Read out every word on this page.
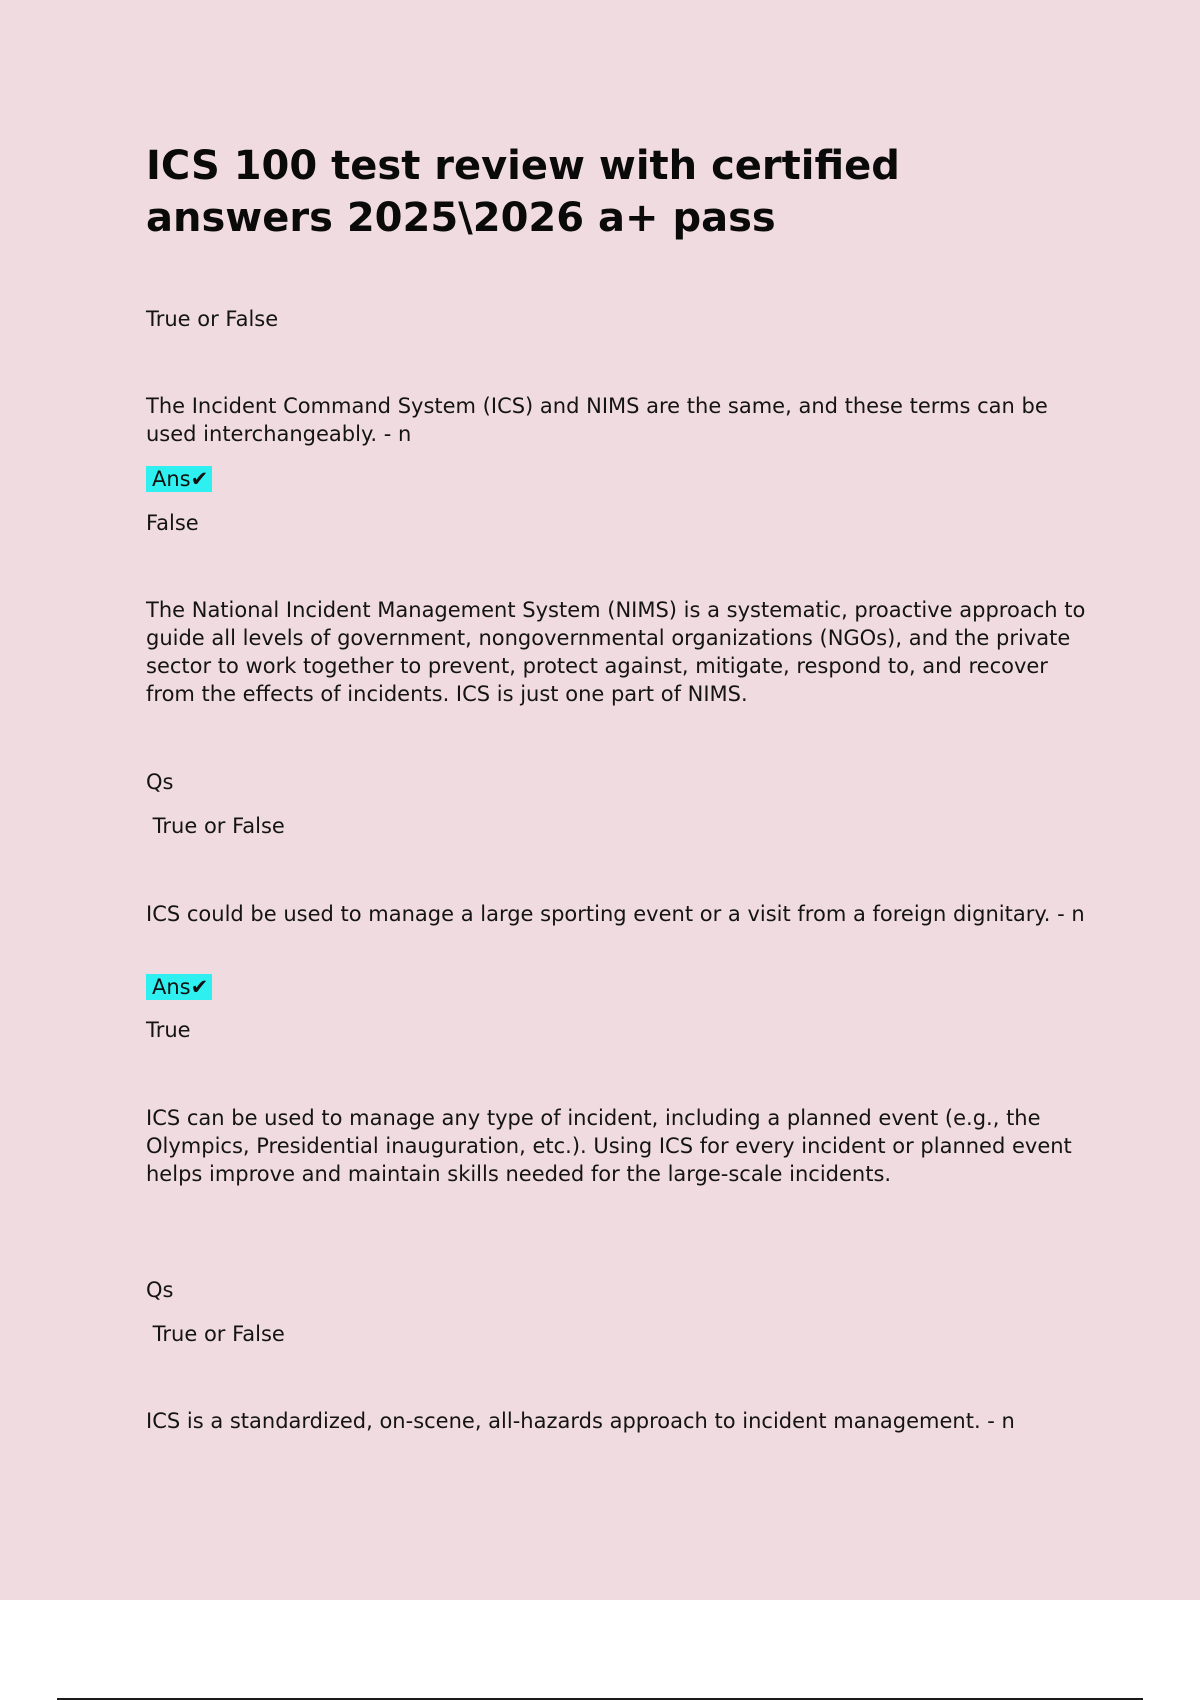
ICS 100 test review with certified
answers 2025\2026 a+ pass

True or False

The Incident Command System (ICS) and NIMS are the same, and these terms can be used interchangeably. - n

Ans✔

False

The National Incident Management System (NIMS) is a systematic, proactive approach to guide all levels of government, nongovernmental organizations (NGOs), and the private sector to work together to prevent, protect against, mitigate, respond to, and recover from the effects of incidents. ICS is just one part of NIMS.

Qs

True or False

ICS could be used to manage a large sporting event or a visit from a foreign dignitary. - n

Ans✔

True

ICS can be used to manage any type of incident, including a planned event (e.g., the Olympics, Presidential inauguration, etc.). Using ICS for every incident or planned event helps improve and maintain skills needed for the large-scale incidents.

Qs

True or False

ICS is a standardized, on-scene, all-hazards approach to incident management. - n
